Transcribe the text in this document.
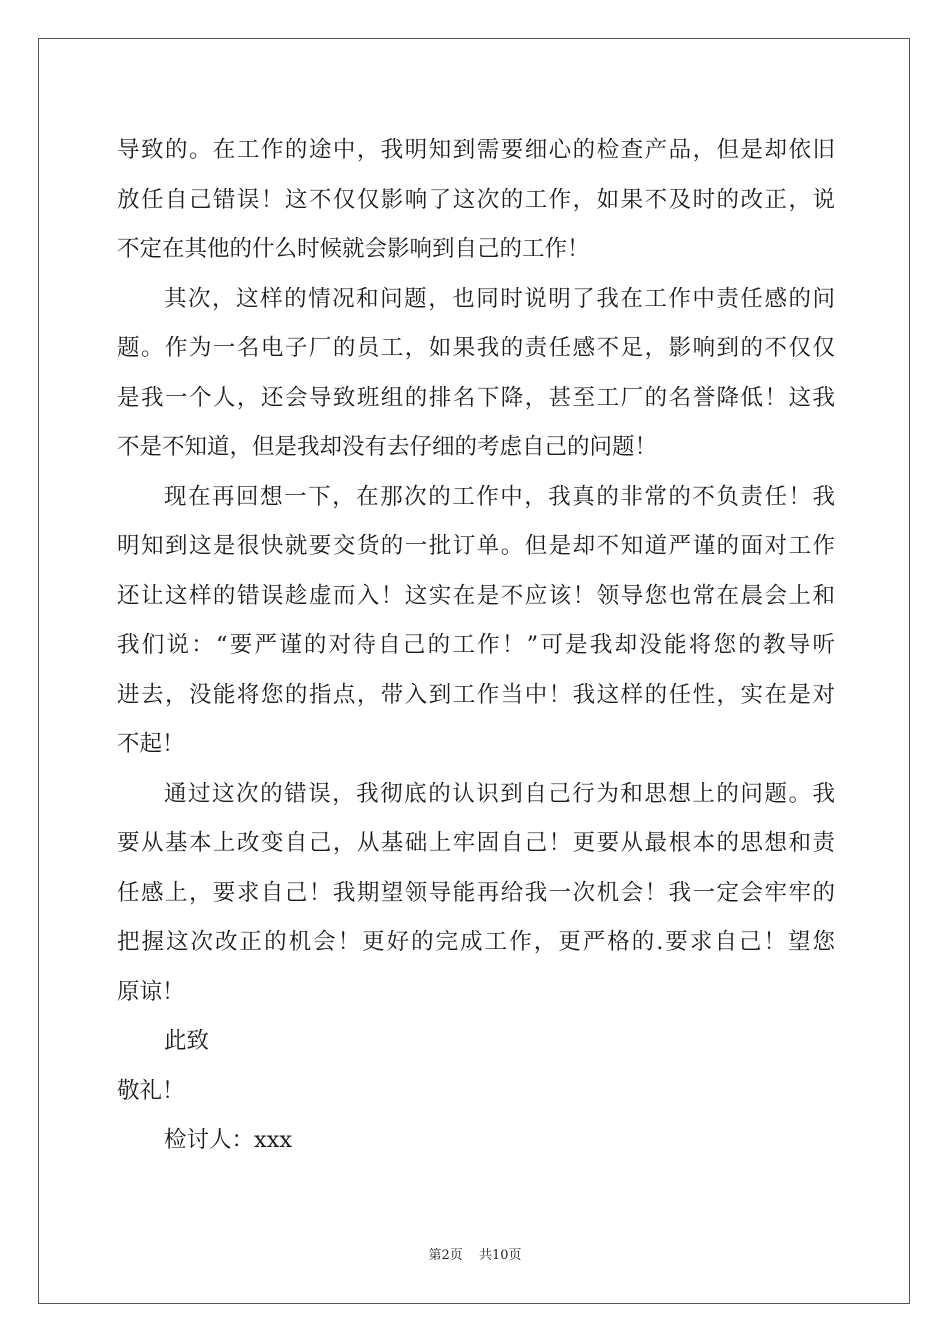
导致的。在工作的途中，我明知到需要细心的检查产品，但是却依旧
放任自己错误！这不仅仅影响了这次的工作，如果不及时的改正，说
不定在其他的什么时候就会影响到自己的工作！
其次，这样的情况和问题，也同时说明了我在工作中责任感的问
题。作为一名电子厂的员工，如果我的责任感不足，影响到的不仅仅
是我一个人，还会导致班组的排名下降，甚至工厂的名誉降低！这我
不是不知道，但是我却没有去仔细的考虑自己的问题！
现在再回想一下，在那次的工作中，我真的非常的不负责任！我
明知到这是很快就要交货的一批订单。但是却不知道严谨的面对工作
还让这样的错误趁虚而入！这实在是不应该！领导您也常在晨会上和
我们说：“要严谨的对待自己的工作！”可是我却没能将您的教导听
进去，没能将您的指点，带入到工作当中！我这样的任性，实在是对
不起！
通过这次的错误，我彻底的认识到自己行为和思想上的问题。我
要从基本上改变自己，从基础上牢固自己！更要从最根本的思想和责
任感上，要求自己！我期望领导能再给我一次机会！我一定会牢牢的
把握这次改正的机会！更好的完成工作，更严格的.要求自己！望您
原谅！
此致
敬礼！
检讨人：xxx
第2页 共10页
